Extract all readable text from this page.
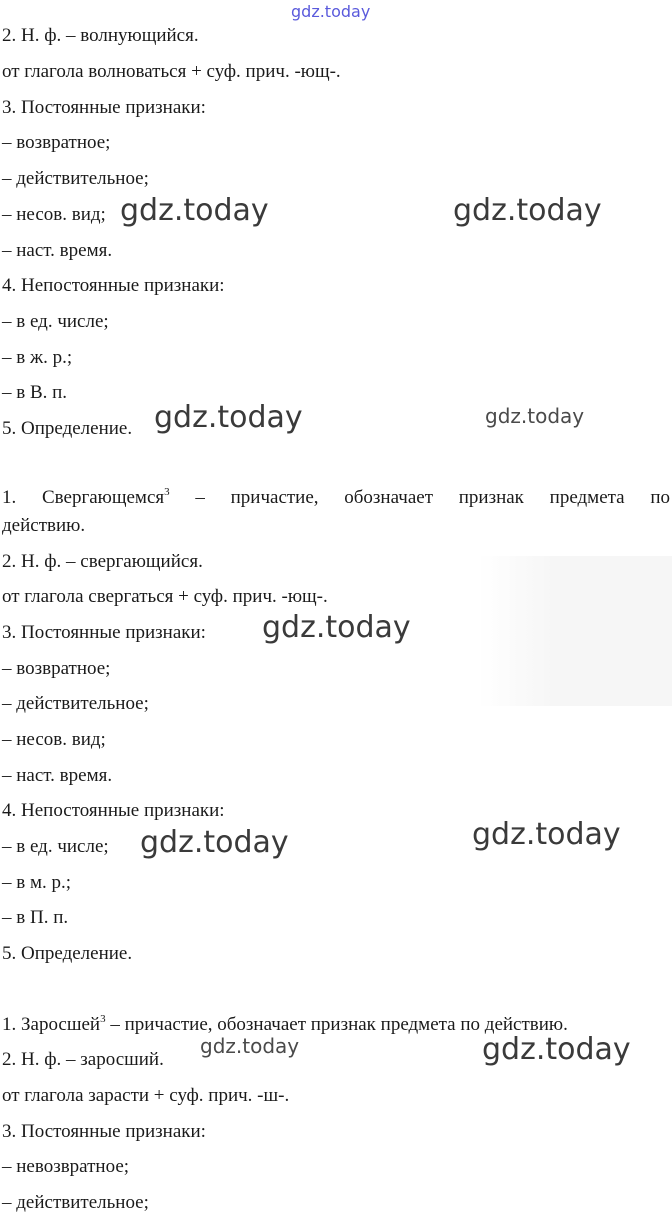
gdz.today
2. Н. ф. – волнующийся.
от глагола волноваться + суф. прич. -ющ-.
3. Постоянные признаки:
– возвратное;
– действительное;
– несов. вид;
– наст. время.
4. Непостоянные признаки:
– в ед. числе;
– в ж. р.;
– в В. п.
5. Определение.
gdz.today	gdz.today
gdz.today	gdz.today
1. Свергающемся$^3$ – причастие, обозначает признак предмета по
действию.
2. Н. ф. – свергающийся.
от глагола свергаться + суф. прич. -ющ-.
3. Постоянные признаки:
– возвратное;
– действительное;
– несов. вид;
– наст. время.
4. Непостоянные признаки:
– в ед. числе;
– в м. р.;
– в П. п.
5. Определение.
gdz.today
gdz.today	gdz.today
1. Заросшей$^3$ – причастие, обозначает признак предмета по действию.
2. Н. ф. – заросший.
от глагола зарасти + суф. прич. -ш-.
3. Постоянные признаки:
– невозвратное;
– действительное;
gdz.today	gdz.today
